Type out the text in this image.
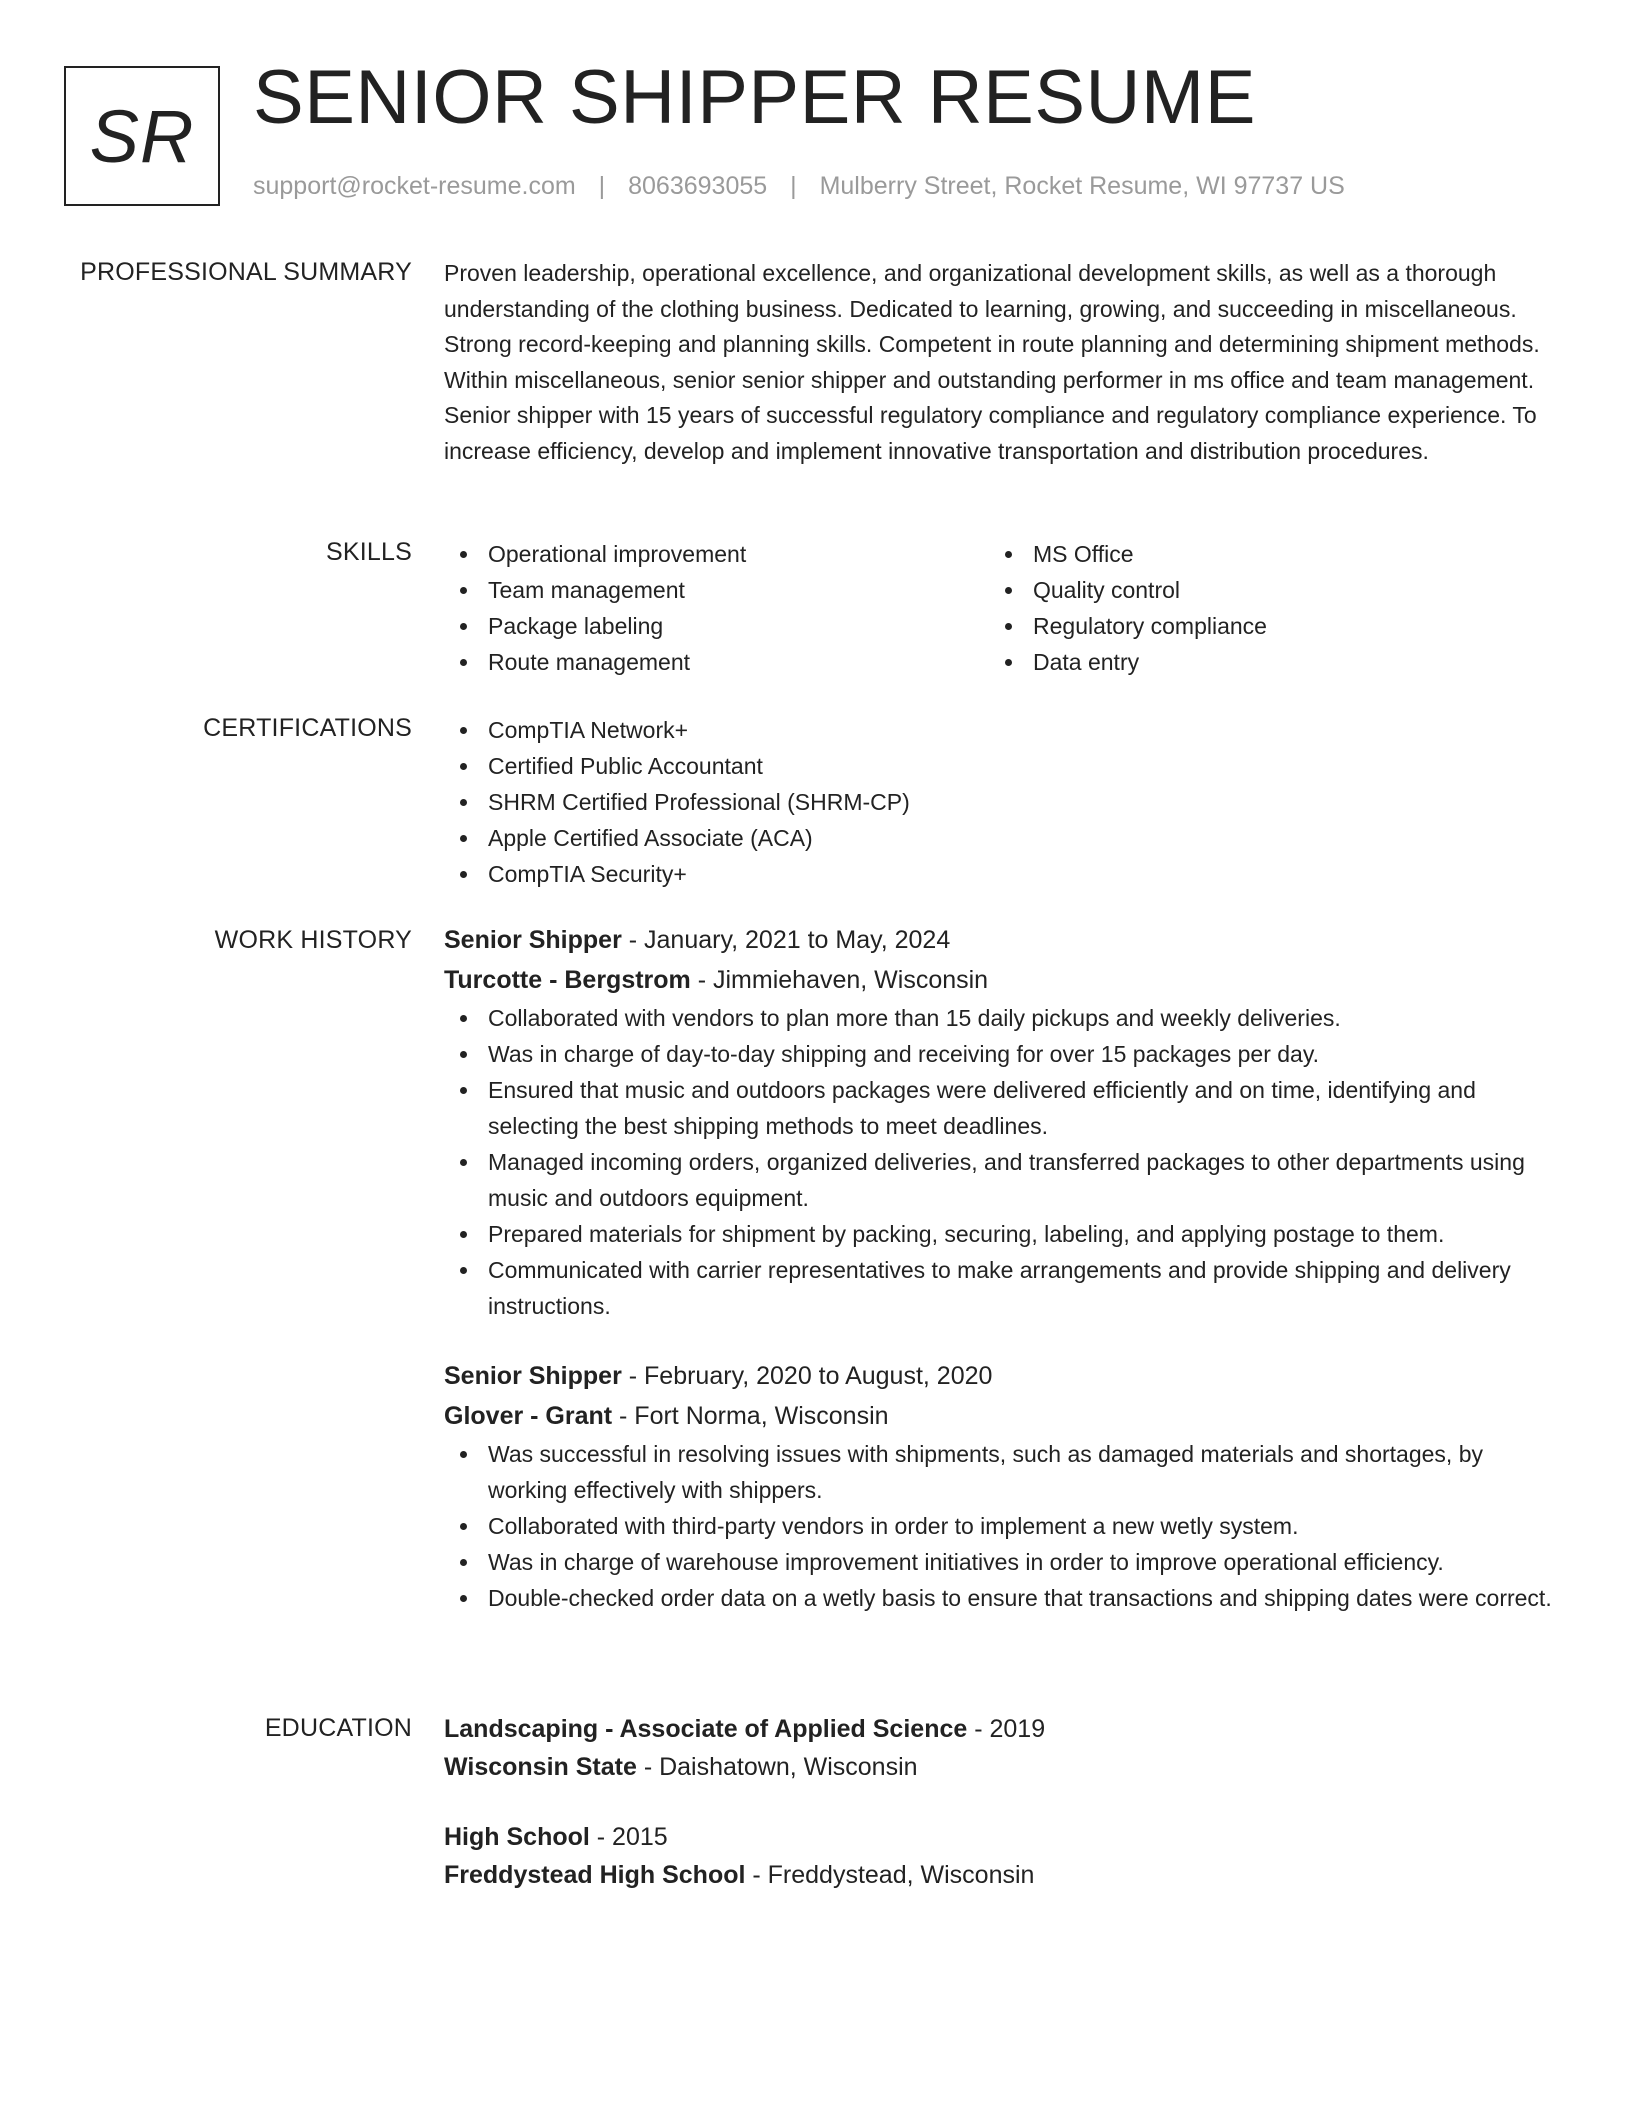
SR SENIOR SHIPPER RESUME
support@rocket-resume.com | 8063693055 | Mulberry Street, Rocket Resume, WI 97737 US
PROFESSIONAL SUMMARY Proven leadership, operational excellence, and organizational development skills, as well as a thorough understanding of the clothing business. Dedicated to learning, growing, and succeeding in miscellaneous. Strong record-keeping and planning skills. Competent in route planning and determining shipment methods. Within miscellaneous, senior senior shipper and outstanding performer in ms office and team management. Senior shipper with 15 years of successful regulatory compliance and regulatory compliance experience. To increase efficiency, develop and implement innovative transportation and distribution procedures.

SKILLS	Operational improvement
Team management
Package labeling
Route management
MS Office
Quality control
Regulatory compliance
Data entry
CERTIFICATIONS	CompTIA Network+
Certified Public Accountant
SHRM Certified Professional (SHRM-CP)
Apple Certified Associate (ACA)
CompTIA Security+
WORK HISTORY Senior Shipper - January, 2021 to May, 2024
Turcotte - Bergstrom - Jimmiehaven, Wisconsin
Collaborated with vendors to plan more than 15 daily pickups and weekly deliveries.
Was in charge of day-to-day shipping and receiving for over 15 packages per day.
Ensured that music and outdoors packages were delivered efficiently and on time, identifying and selecting the best shipping methods to meet deadlines.
Managed incoming orders, organized deliveries, and transferred packages to other departments using music and outdoors equipment.
Prepared materials for shipment by packing, securing, labeling, and applying postage to them.
Communicated with carrier representatives to make arrangements and provide shipping and delivery instructions.
Senior Shipper - February, 2020 to August, 2020
Glover - Grant - Fort Norma, Wisconsin
Was successful in resolving issues with shipments, such as damaged materials and shortages, by working effectively with shippers.
Collaborated with third-party vendors in order to implement a new wetly system.
Was in charge of warehouse improvement initiatives in order to improve operational efficiency.
Double-checked order data on a wetly basis to ensure that transactions and shipping dates were correct.
EDUCATION Landscaping - Associate of Applied Science - 2019
Wisconsin State - Daishatown, Wisconsin
High School - 2015
Freddystead High School - Freddystead, Wisconsin
